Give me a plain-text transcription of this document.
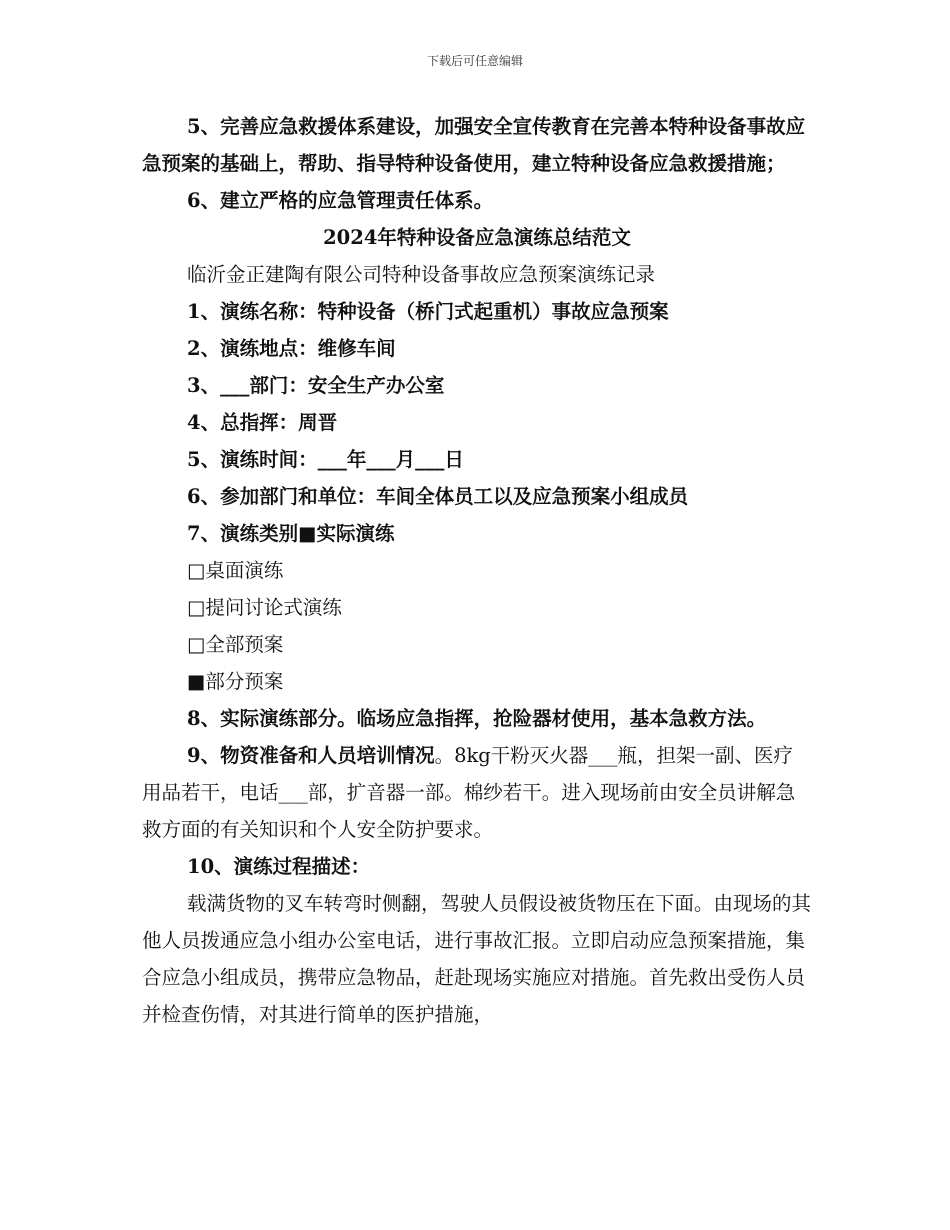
下载后可任意编辑

5、完善应急救援体系建设，加强安全宣传教育在完善本特种设备事故应急预案的基础上，帮助、指导特种设备使用，建立特种设备应急救援措施；

6、建立严格的应急管理责任体系。

2024年特种设备应急演练总结范文

临沂金正建陶有限公司特种设备事故应急预案演练记录

1、演练名称：特种设备（桥门式起重机）事故应急预案

2、演练地点：维修车间

3、___部门：安全生产办公室

4、总指挥：周晋

5、演练时间：___年___月___日

6、参加部门和单位：车间全体员工以及应急预案小组成员

7、演练类别■实际演练

□桌面演练

□提问讨论式演练

□全部预案

■部分预案

8、实际演练部分。临场应急指挥，抢险器材使用，基本急救方法。

9、物资准备和人员培训情况。8kg干粉灭火器___瓶，担架一副、医疗用品若干，电话___部，扩音器一部。棉纱若干。进入现场前由安全员讲解急救方面的有关知识和个人安全防护要求。

10、演练过程描述：

载满货物的叉车转弯时侧翻，驾驶人员假设被货物压在下面。由现场的其他人员拨通应急小组办公室电话，进行事故汇报。立即启动应急预案措施，集合应急小组成员，携带应急物品，赶赴现场实施应对措施。首先救出受伤人员并检查伤情，对其进行简单的医护措施，
